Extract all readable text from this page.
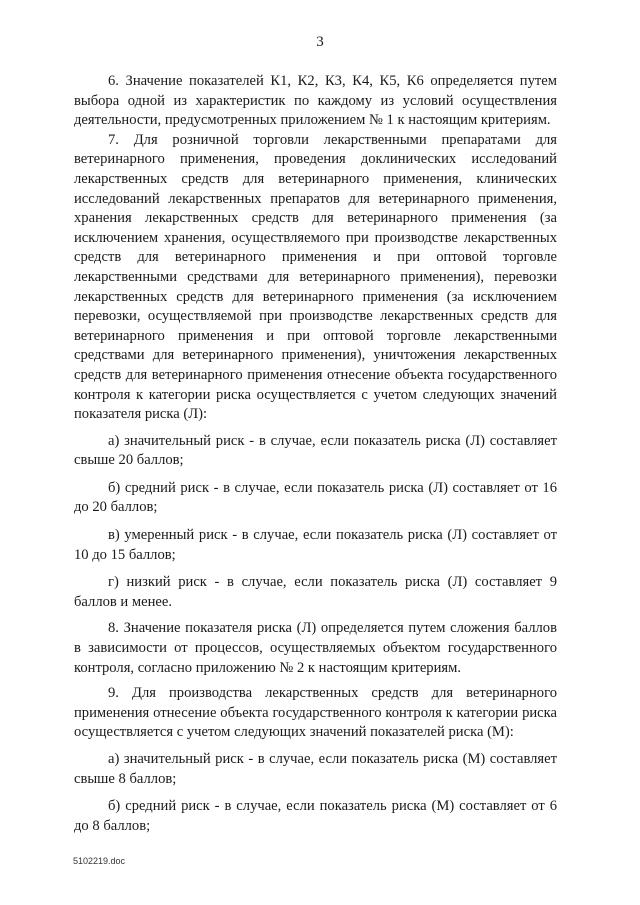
3

6. Значение показателей К1, К2, К3, К4, К5, К6 определяется путем выбора одной из характеристик по каждому из условий осуществления деятельности, предусмотренных приложением № 1 к настоящим критериям.

7. Для розничной торговли лекарственными препаратами для ветеринарного применения, проведения доклинических исследований лекарственных средств для ветеринарного применения, клинических исследований лекарственных препаратов для ветеринарного применения, хранения лекарственных средств для ветеринарного применения (за исключением хранения, осуществляемого при производстве лекарственных средств для ветеринарного применения и при оптовой торговле лекарственными средствами для ветеринарного применения), перевозки лекарственных средств для ветеринарного применения (за исключением перевозки, осуществляемой при производстве лекарственных средств для ветеринарного применения и при оптовой торговле лекарственными средствами для ветеринарного применения), уничтожения лекарственных средств для ветеринарного применения отнесение объекта государственного контроля к категории риска осуществляется с учетом следующих значений показателя риска (Л):

а) значительный риск - в случае, если показатель риска (Л) составляет свыше 20 баллов;

б) средний риск - в случае, если показатель риска (Л) составляет от 16 до 20 баллов;

в) умеренный риск - в случае, если показатель риска (Л) составляет от 10 до 15 баллов;

г) низкий риск - в случае, если показатель риска (Л) составляет 9 баллов и менее.

8. Значение показателя риска (Л) определяется путем сложения баллов в зависимости от процессов, осуществляемых объектом государственного контроля, согласно приложению № 2 к настоящим критериям.

9. Для производства лекарственных средств для ветеринарного применения отнесение объекта государственного контроля к категории риска осуществляется с учетом следующих значений показателей риска (М):

а) значительный риск - в случае, если показатель риска (М) составляет свыше 8 баллов;

б) средний риск - в случае, если показатель риска (М) составляет от 6 до 8 баллов;

5102219.doc
